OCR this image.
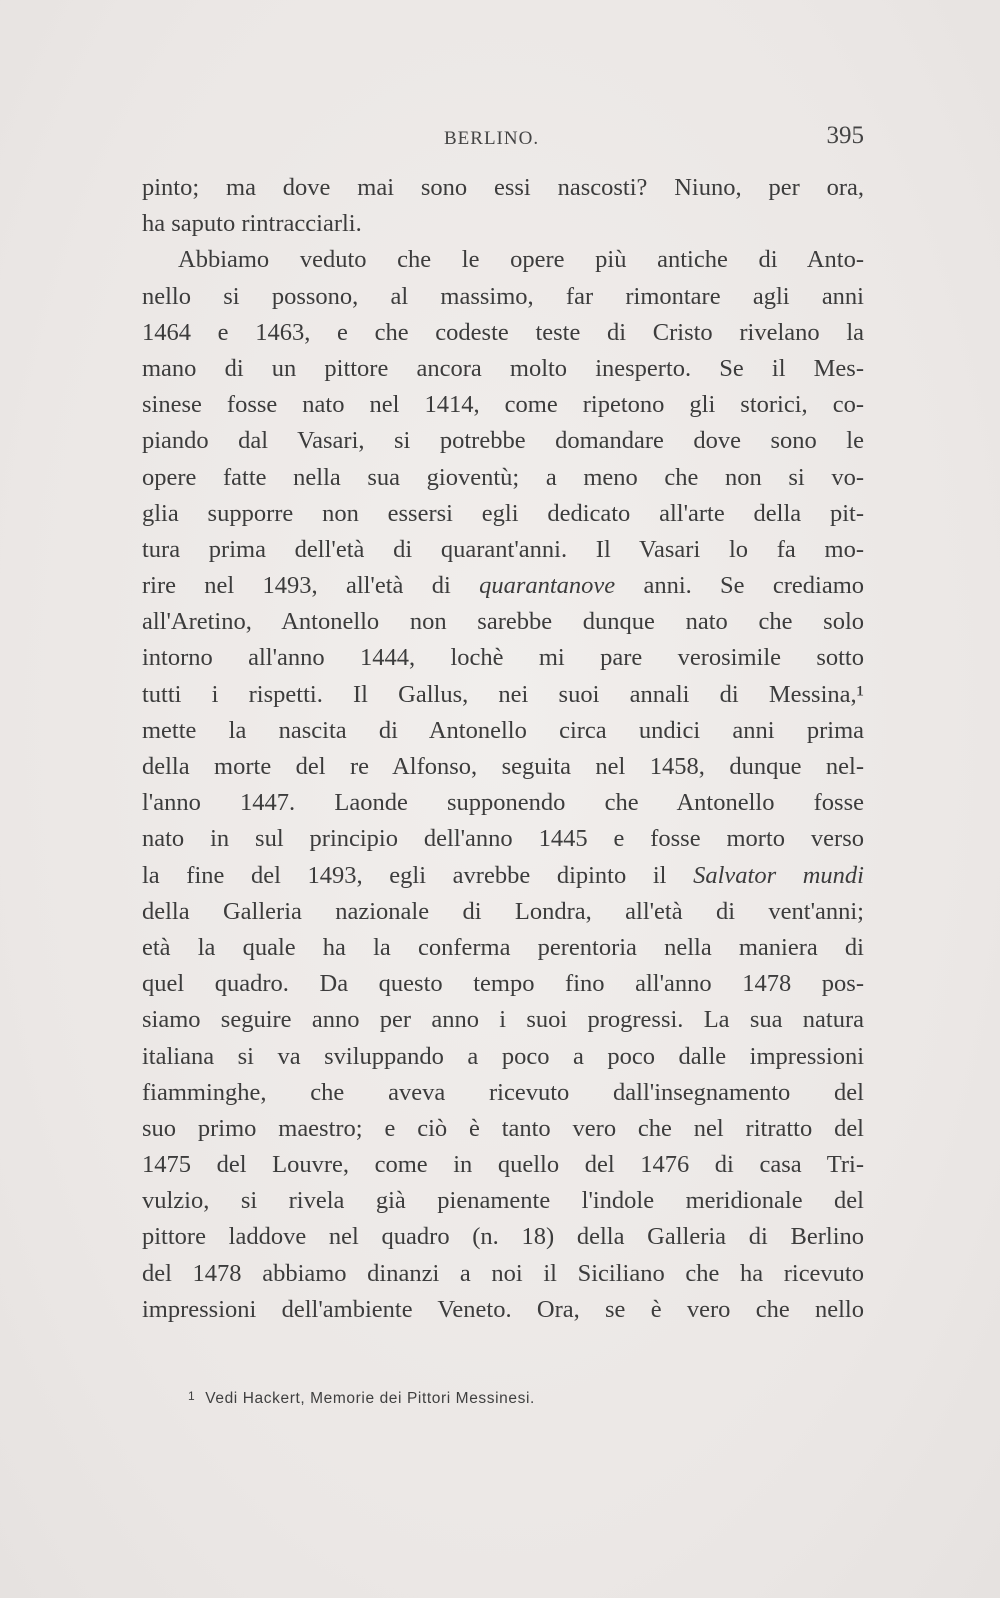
BERLINO.	395
pinto; ma dove mai sono essi nascosti? Niuno, per ora,
ha saputo rintracciarli.
Abbiamo veduto che le opere più antiche di Anto-
nello si possono, al massimo, far rimontare agli anni
1464 e 1463, e che codeste teste di Cristo rivelano la
mano di un pittore ancora molto inesperto. Se il Mes-
sinese fosse nato nel 1414, come ripetono gli storici, co-
piando dal Vasari, si potrebbe domandare dove sono le
opere fatte nella sua gioventù; a meno che non si vo-
glia supporre non essersi egli dedicato all'arte della pit-
tura prima dell'età di quarant'anni. Il Vasari lo fa mo-
rire nel 1493, all'età di quarantanove anni. Se crediamo
all'Aretino, Antonello non sarebbe dunque nato che solo
intorno all'anno 1444, lochè mi pare verosimile sotto
tutti i rispetti. Il Gallus, nei suoi annali di Messina,¹
mette la nascita di Antonello circa undici anni prima
della morte del re Alfonso, seguita nel 1458, dunque nel-
l'anno 1447. Laonde supponendo che Antonello fosse
nato in sul principio dell'anno 1445 e fosse morto verso
la fine del 1493, egli avrebbe dipinto il Salvator mundi
della Galleria nazionale di Londra, all'età di vent'anni;
età la quale ha la conferma perentoria nella maniera di
quel quadro. Da questo tempo fino all'anno 1478 pos-
siamo seguire anno per anno i suoi progressi. La sua natura
italiana si va sviluppando a poco a poco dalle impressioni
fiamminghe, che aveva ricevuto dall'insegnamento del
suo primo maestro; e ciò è tanto vero che nel ritratto del
1475 del Louvre, come in quello del 1476 di casa Tri-
vulzio, si rivela già pienamente l'indole meridionale del
pittore laddove nel quadro (n. 18) della Galleria di Berlino
del 1478 abbiamo dinanzi a noi il Siciliano che ha ricevuto
impressioni dell'ambiente Veneto. Ora, se è vero che nello
1 Vedi Hackert, Memorie dei Pittori Messinesi.
